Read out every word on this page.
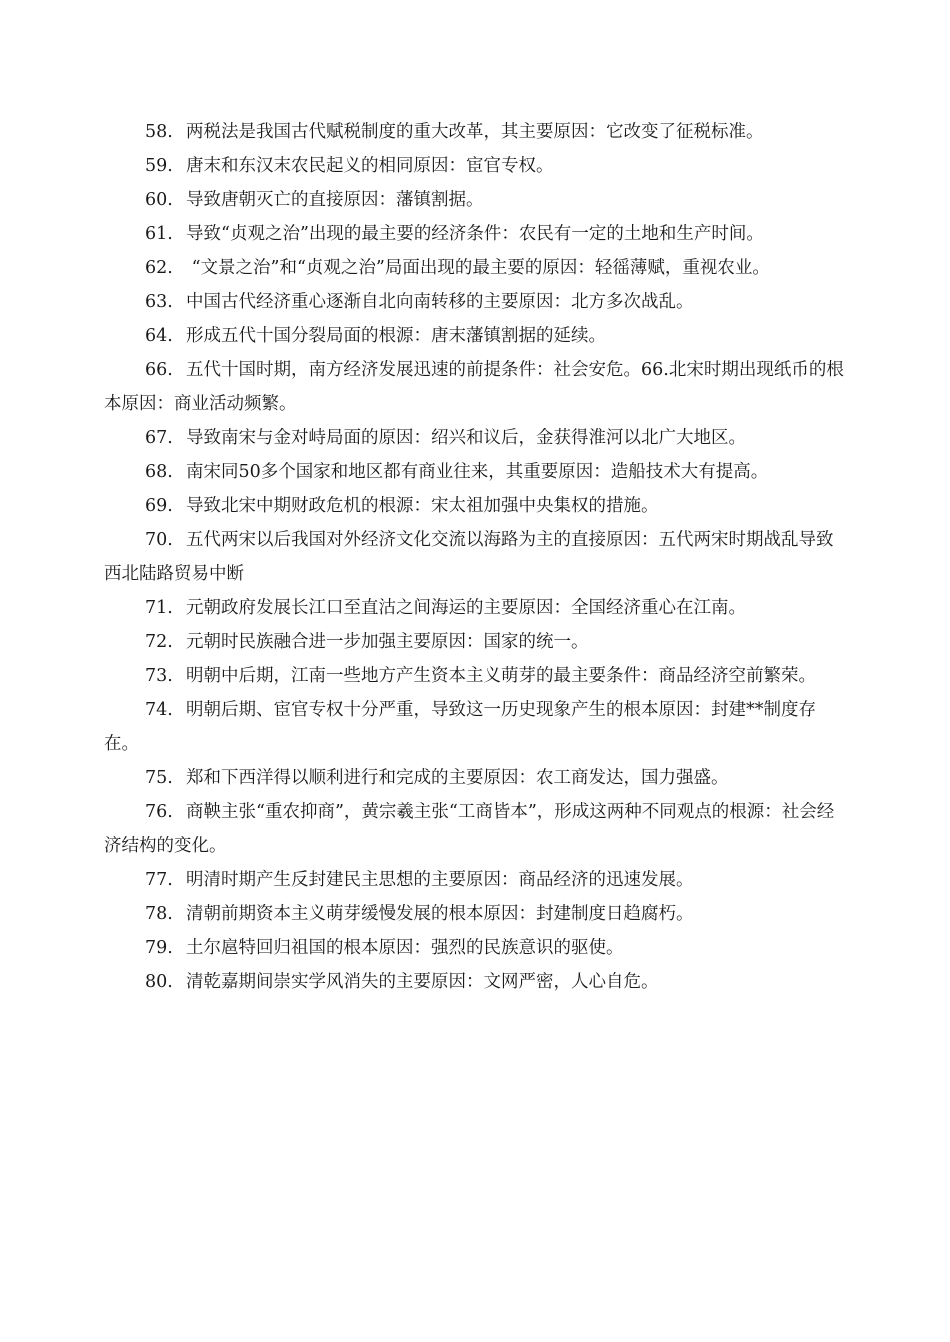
58. 两税法是我国古代赋税制度的重大改革，其主要原因：它改变了征税标准。

59. 唐末和东汉末农民起义的相同原因：宦官专权。

60. 导致唐朝灭亡的直接原因：藩镇割据。

61. 导致“贞观之治”出现的最主要的经济条件：农民有一定的土地和生产时间。

62. “文景之治”和“贞观之治”局面出现的最主要的原因：轻徭薄赋，重视农业。

63. 中国古代经济重心逐渐自北向南转移的主要原因：北方多次战乱。

64. 形成五代十国分裂局面的根源：唐末藩镇割据的延续。

66. 五代十国时期，南方经济发展迅速的前提条件：社会安危。66.北宋时期出现纸币的根本原因：商业活动频繁。

67. 导致南宋与金对峙局面的原因：绍兴和议后，金获得淮河以北广大地区。

68. 南宋同50多个国家和地区都有商业往来，其重要原因：造船技术大有提高。

69. 导致北宋中期财政危机的根源：宋太祖加强中央集权的措施。

70. 五代两宋以后我国对外经济文化交流以海路为主的直接原因：五代两宋时期战乱导致西北陆路贸易中断

71. 元朝政府发展长江口至直沽之间海运的主要原因：全国经济重心在江南。

72. 元朝时民族融合进一步加强主要原因：国家的统一。

73. 明朝中后期，江南一些地方产生资本主义萌芽的最主要条件：商品经济空前繁荣。

74. 明朝后期、宦官专权十分严重，导致这一历史现象产生的根本原因：封建**制度存在。

75. 郑和下西洋得以顺利进行和完成的主要原因：农工商发达，国力强盛。

76. 商鞅主张“重农抑商”，黄宗羲主张“工商皆本”，形成这两种不同观点的根源：社会经济结构的变化。

77. 明清时期产生反封建民主思想的主要原因：商品经济的迅速发展。

78. 清朝前期资本主义萌芽缓慢发展的根本原因：封建制度日趋腐朽。

79. 土尔扈特回归祖国的根本原因：强烈的民族意识的驱使。

80. 清乾嘉期间崇实学风消失的主要原因：文网严密，人心自危。
